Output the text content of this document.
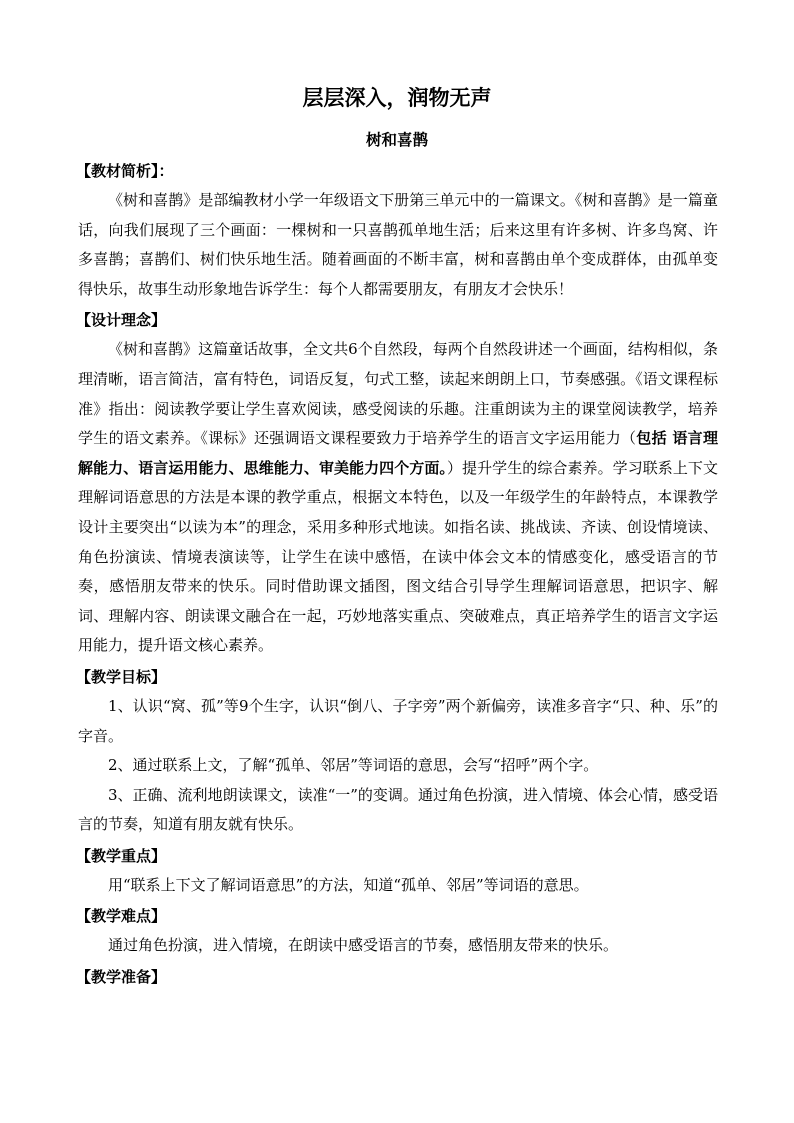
层层深入，润物无声
树和喜鹊
【教材简析】：

《树和喜鹊》是部编教材小学一年级语文下册第三单元中的一篇课文。《树和喜鹊》是一篇童话，向我们展现了三个画面：一棵树和一只喜鹊孤单地生活；后来这里有许多树、许多鸟窝、许多喜鹊；喜鹊们、树们快乐地生活。随着画面的不断丰富，树和喜鹊由单个变成群体，由孤单变得快乐，故事生动形象地告诉学生：每个人都需要朋友，有朋友才会快乐！

【设计理念】

《树和喜鹊》这篇童话故事，全文共6个自然段，每两个自然段讲述一个画面，结构相似，条理清晰，语言简洁，富有特色，词语反复，句式工整，读起来朗朗上口，节奏感强。《语文课程标准》指出：阅读教学要让学生喜欢阅读，感受阅读的乐趣。注重朗读为主的课堂阅读教学，培养学生的语文素养。《课标》还强调语文课程要致力于培养学生的语言文字运用能力（包括 语言理解能力、语言运用能力、思维能力、审美能力四个方面。）提升学生的综合素养。学习联系上下文理解词语意思的方法是本课的教学重点，根据文本特色，以及一年级学生的年龄特点，本课教学设计主要突出“以读为本”的理念，采用多种形式地读。如指名读、挑战读、齐读、创设情境读、角色扮演读、情境表演读等，让学生在读中感悟，在读中体会文本的情感变化，感受语言的节奏，感悟朋友带来的快乐。同时借助课文插图，图文结合引导学生理解词语意思，把识字、解词、理解内容、朗读课文融合在一起，巧妙地落实重点、突破难点，真正培养学生的语言文字运用能力，提升语文核心素养。

【教学目标】

1、认识“窝、孤”等9个生字，认识“倒八、子字旁”两个新偏旁，读准多音字“只、种、乐”的字音。

2、通过联系上文，了解“孤单、邻居”等词语的意思，会写“招呼”两个字。

3、正确、流利地朗读课文，读准“一”的变调。通过角色扮演，进入情境、体会心情，感受语言的节奏，知道有朋友就有快乐。

【教学重点】

用“联系上下文了解词语意思”的方法，知道“孤单、邻居”等词语的意思。

【教学难点】

通过角色扮演，进入情境，在朗读中感受语言的节奏，感悟朋友带来的快乐。

【教学准备】
